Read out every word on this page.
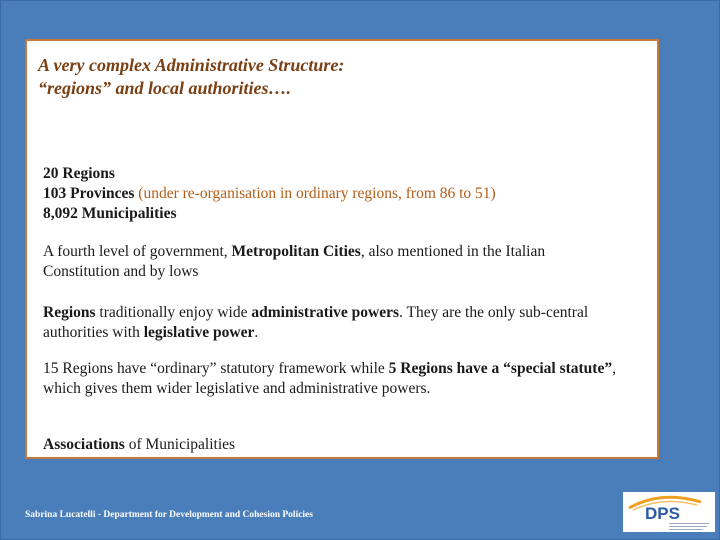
A very complex Administrative Structure:
“regions” and local authorities….
20 Regions
103 Provinces (under re-organisation in ordinary regions, from 86 to 51)
8,092 Municipalities

A fourth level of government, Metropolitan Cities, also mentioned in the Italian Constitution and by lows

Regions traditionally enjoy wide administrative powers. They are the only sub-central authorities with legislative power.

15 Regions have “ordinary” statutory framework while 5 Regions have a “special statute”, which gives them wider legislative and administrative powers.

Associations of Municipalities

Sabrina Lucatelli - Department for Development and Cohesion Policies	DPS
